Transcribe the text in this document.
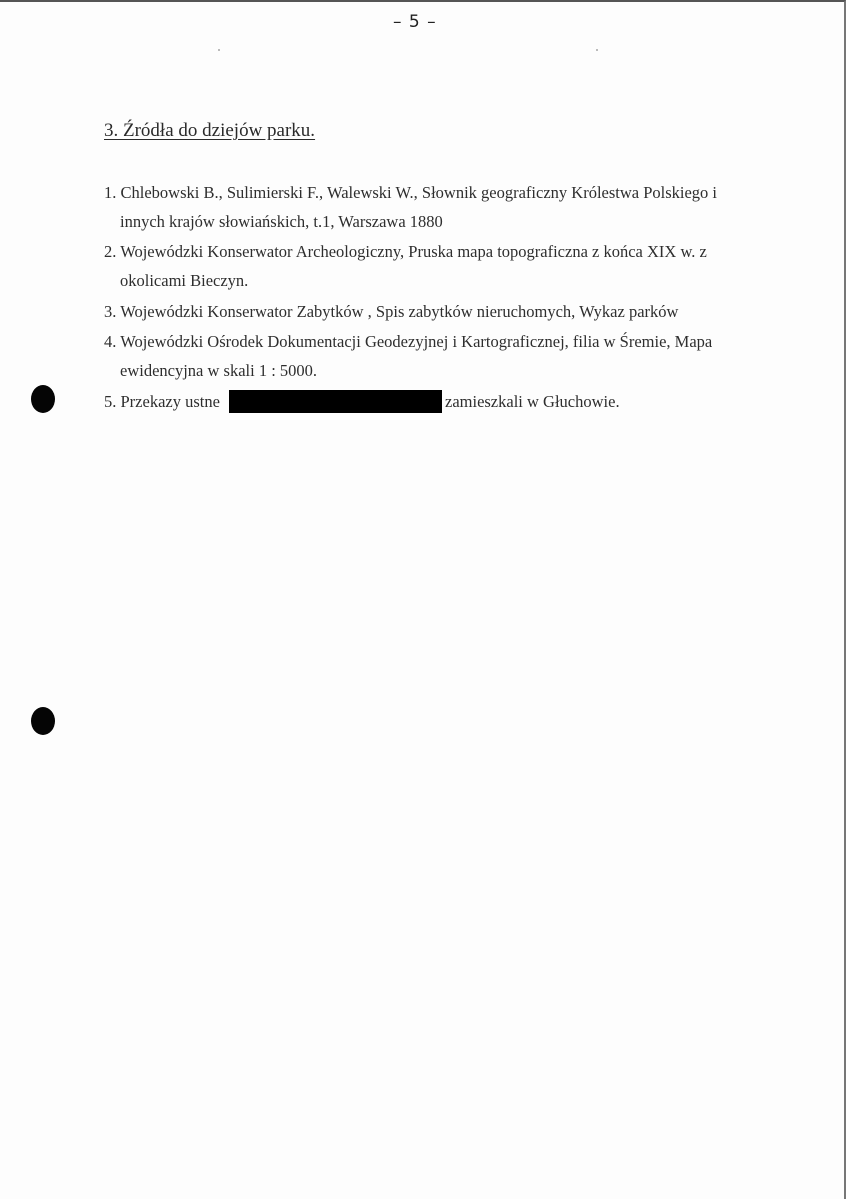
– 5 –
3. Źródła do dziejów parku.
1. Chlebowski B., Sulimierski F., Walewski W., Słownik geograficzny Królestwa Polskiego i
innych krajów słowiańskich, t.1, Warszawa 1880
2. Wojewódzki Konserwator Archeologiczny, Pruska mapa topograficzna z końca XIX w. z
okolicami Bieczyn.
3. Wojewódzki Konserwator Zabytków , Spis zabytków nieruchomych, Wykaz parków
4. Wojewódzki Ośrodek Dokumentacji Geodezyjnej i Kartograficznej, filia w Śremie, Mapa
ewidencyjna w skali 1 : 5000.
5. Przekazy ustne	zamieszkali w Głuchowie.
